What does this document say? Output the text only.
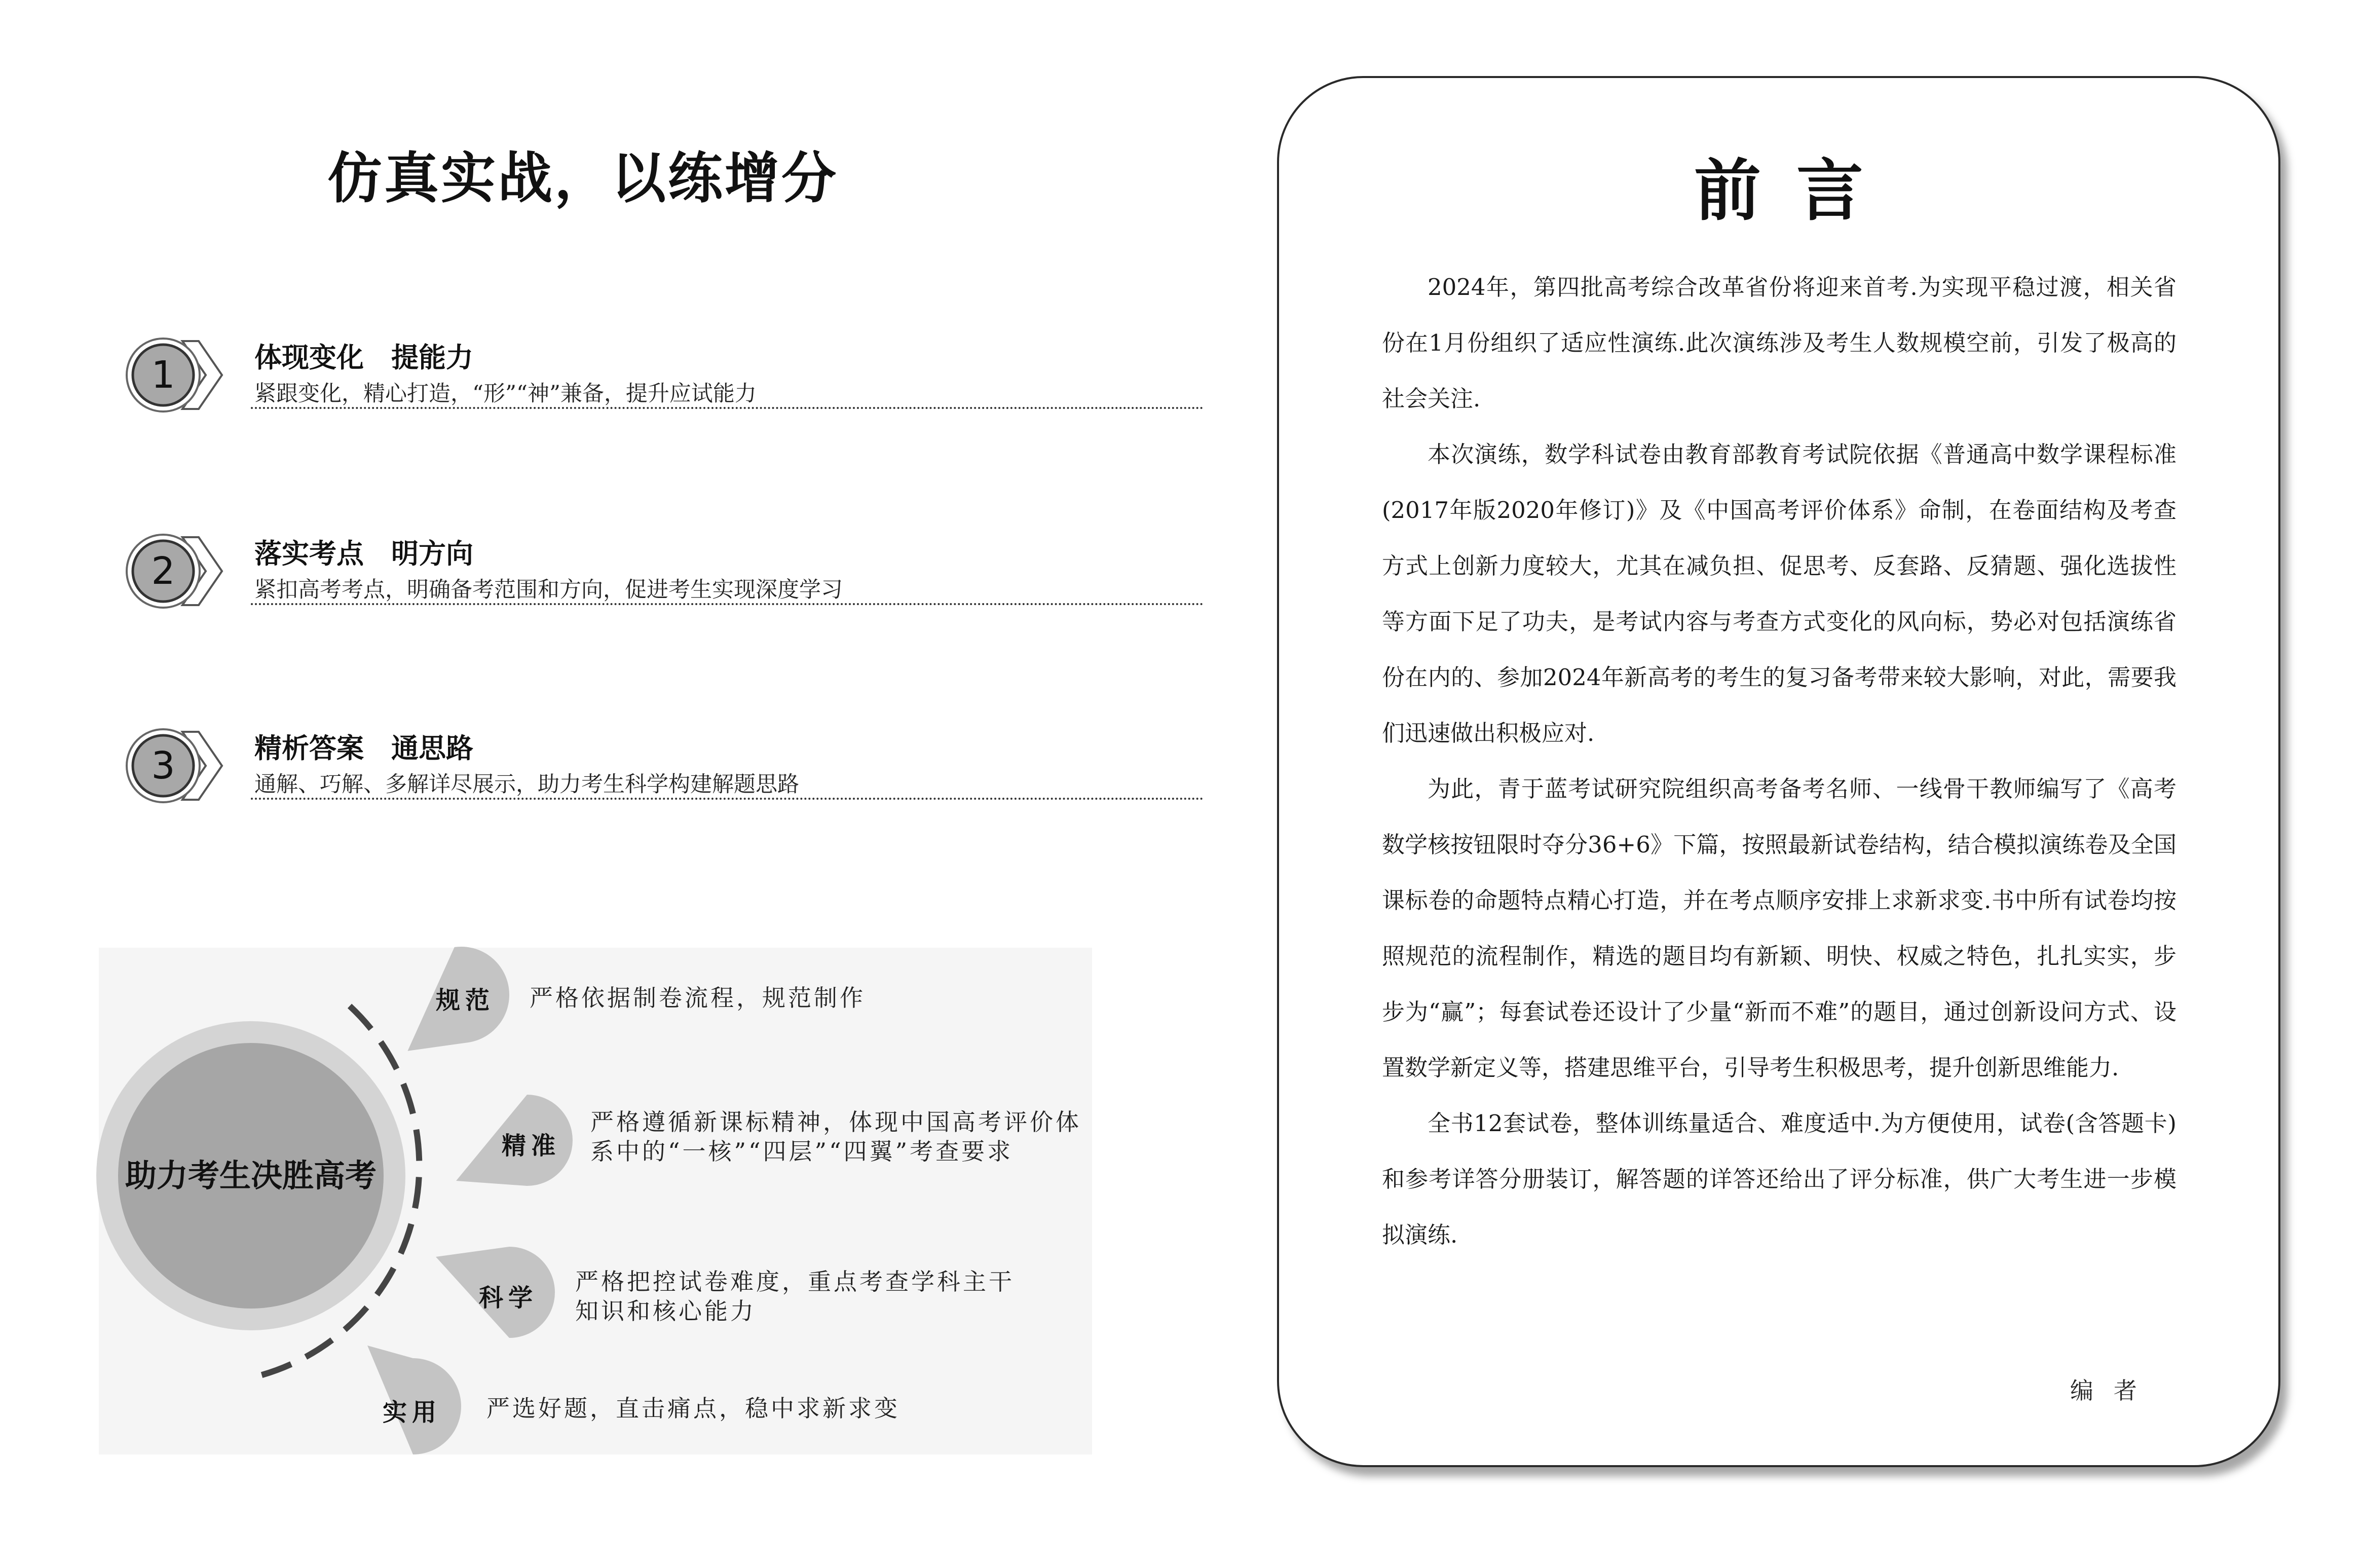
仿真实战，以练增分
1	体现变化　提能力
紧跟变化，精心打造，“形”“神”兼备，提升应试能力
2	落实考点　明方向
紧扣高考考点，明确备考范围和方向，促进考生实现深度学习
3	精析答案　通思路
通解、巧解、多解详尽展示，助力考生科学构建解题思路
助力考生决胜高考
规范	严格依据制卷流程，规范制作
精准
严格遵循新课标精神，体现中国高考评价体
系中的“一核”“四层”“四翼”考查要求
科学
严格把控试卷难度，重点考查学科主干
知识和核心能力
实用	严选好题，直击痛点，稳中求新求变
前言

2024年，第四批高考综合改革省份将迎来首考.为实现平稳过渡，相关省份在1月份组织了适应性演练.此次演练涉及考生人数规模空前，引发了极高的社会关注.

本次演练，数学科试卷由教育部教育考试院依据《普通高中数学课程标准(2017年版2020年修订)》及《中国高考评价体系》命制，在卷面结构及考查方式上创新力度较大，尤其在减负担、促思考、反套路、反猜题、强化选拔性等方面下足了功夫，是考试内容与考查方式变化的风向标，势必对包括演练省份在内的、参加2024年新高考的考生的复习备考带来较大影响，对此，需要我们迅速做出积极应对.

为此，青于蓝考试研究院组织高考备考名师、一线骨干教师编写了《高考数学核按钮限时夺分36+6》下篇，按照最新试卷结构，结合模拟演练卷及全国课标卷的命题特点精心打造，并在考点顺序安排上求新求变.书中所有试卷均按照规范的流程制作，精选的题目均有新颖、明快、权威之特色，扎扎实实，步步为“赢”；每套试卷还设计了少量“新而不难”的题目，通过创新设问方式、设置数学新定义等，搭建思维平台，引导考生积极思考，提升创新思维能力.

全书12套试卷，整体训练量适合、难度适中.为方便使用，试卷(含答题卡)和参考详答分册装订，解答题的详答还给出了评分标准，供广大考生进一步模拟演练.

编者
